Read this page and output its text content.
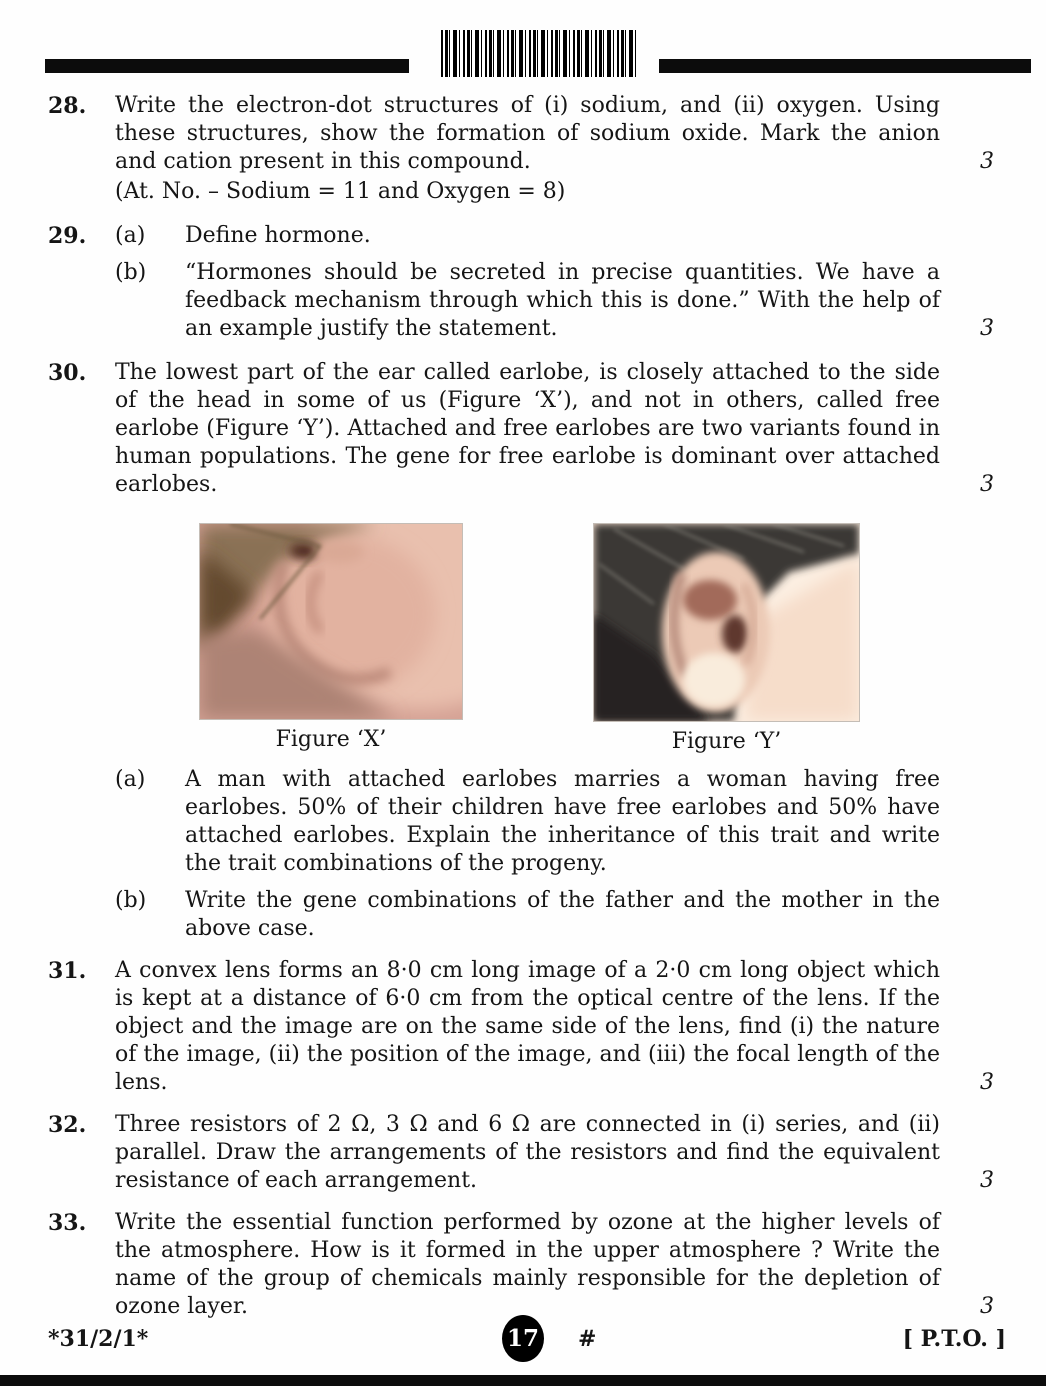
28.	Write the electron-dot structures of (i) sodium, and (ii) oxygen. Using these structures, show the formation of sodium oxide. Mark the anion and cation present in this compound.	3
(At. No. – Sodium = 11 and Oxygen = 8)
29.	(a)	Define hormone.
(b)	“Hormones should be secreted in precise quantities. We have a feedback mechanism through which this is done.” With the help of an example justify the statement.	3
30.	The lowest part of the ear called earlobe, is closely attached to the side of the head in some of us (Figure ‘X’), and not in others, called free earlobe (Figure ‘Y’). Attached and free earlobes are two variants found in human populations. The gene for free earlobe is dominant over attached earlobes.	3
Figure ‘X’	Figure ‘Y’
(a)	A man with attached earlobes marries a woman having free earlobes. 50% of their children have free earlobes and 50% have attached earlobes. Explain the inheritance of this trait and write the trait combinations of the progeny.
(b)	Write the gene combinations of the father and the mother in the above case.
31.	A convex lens forms an 8·0 cm long image of a 2·0 cm long object which is kept at a distance of 6·0 cm from the optical centre of the lens. If the object and the image are on the same side of the lens, find (i) the nature of the image, (ii) the position of the image, and (iii) the focal length of the lens.	3
32.	Three resistors of 2 Ω, 3 Ω and 6 Ω are connected in (i) series, and (ii) parallel. Draw the arrangements of the resistors and find the equivalent resistance of each arrangement.	3
33.	Write the essential function performed by ozone at the higher levels of the atmosphere. How is it formed in the upper atmosphere ? Write the name of the group of chemicals mainly responsible for the depletion of ozone layer.	3
*31/2/1*	17 #	[ P.T.O. ]
